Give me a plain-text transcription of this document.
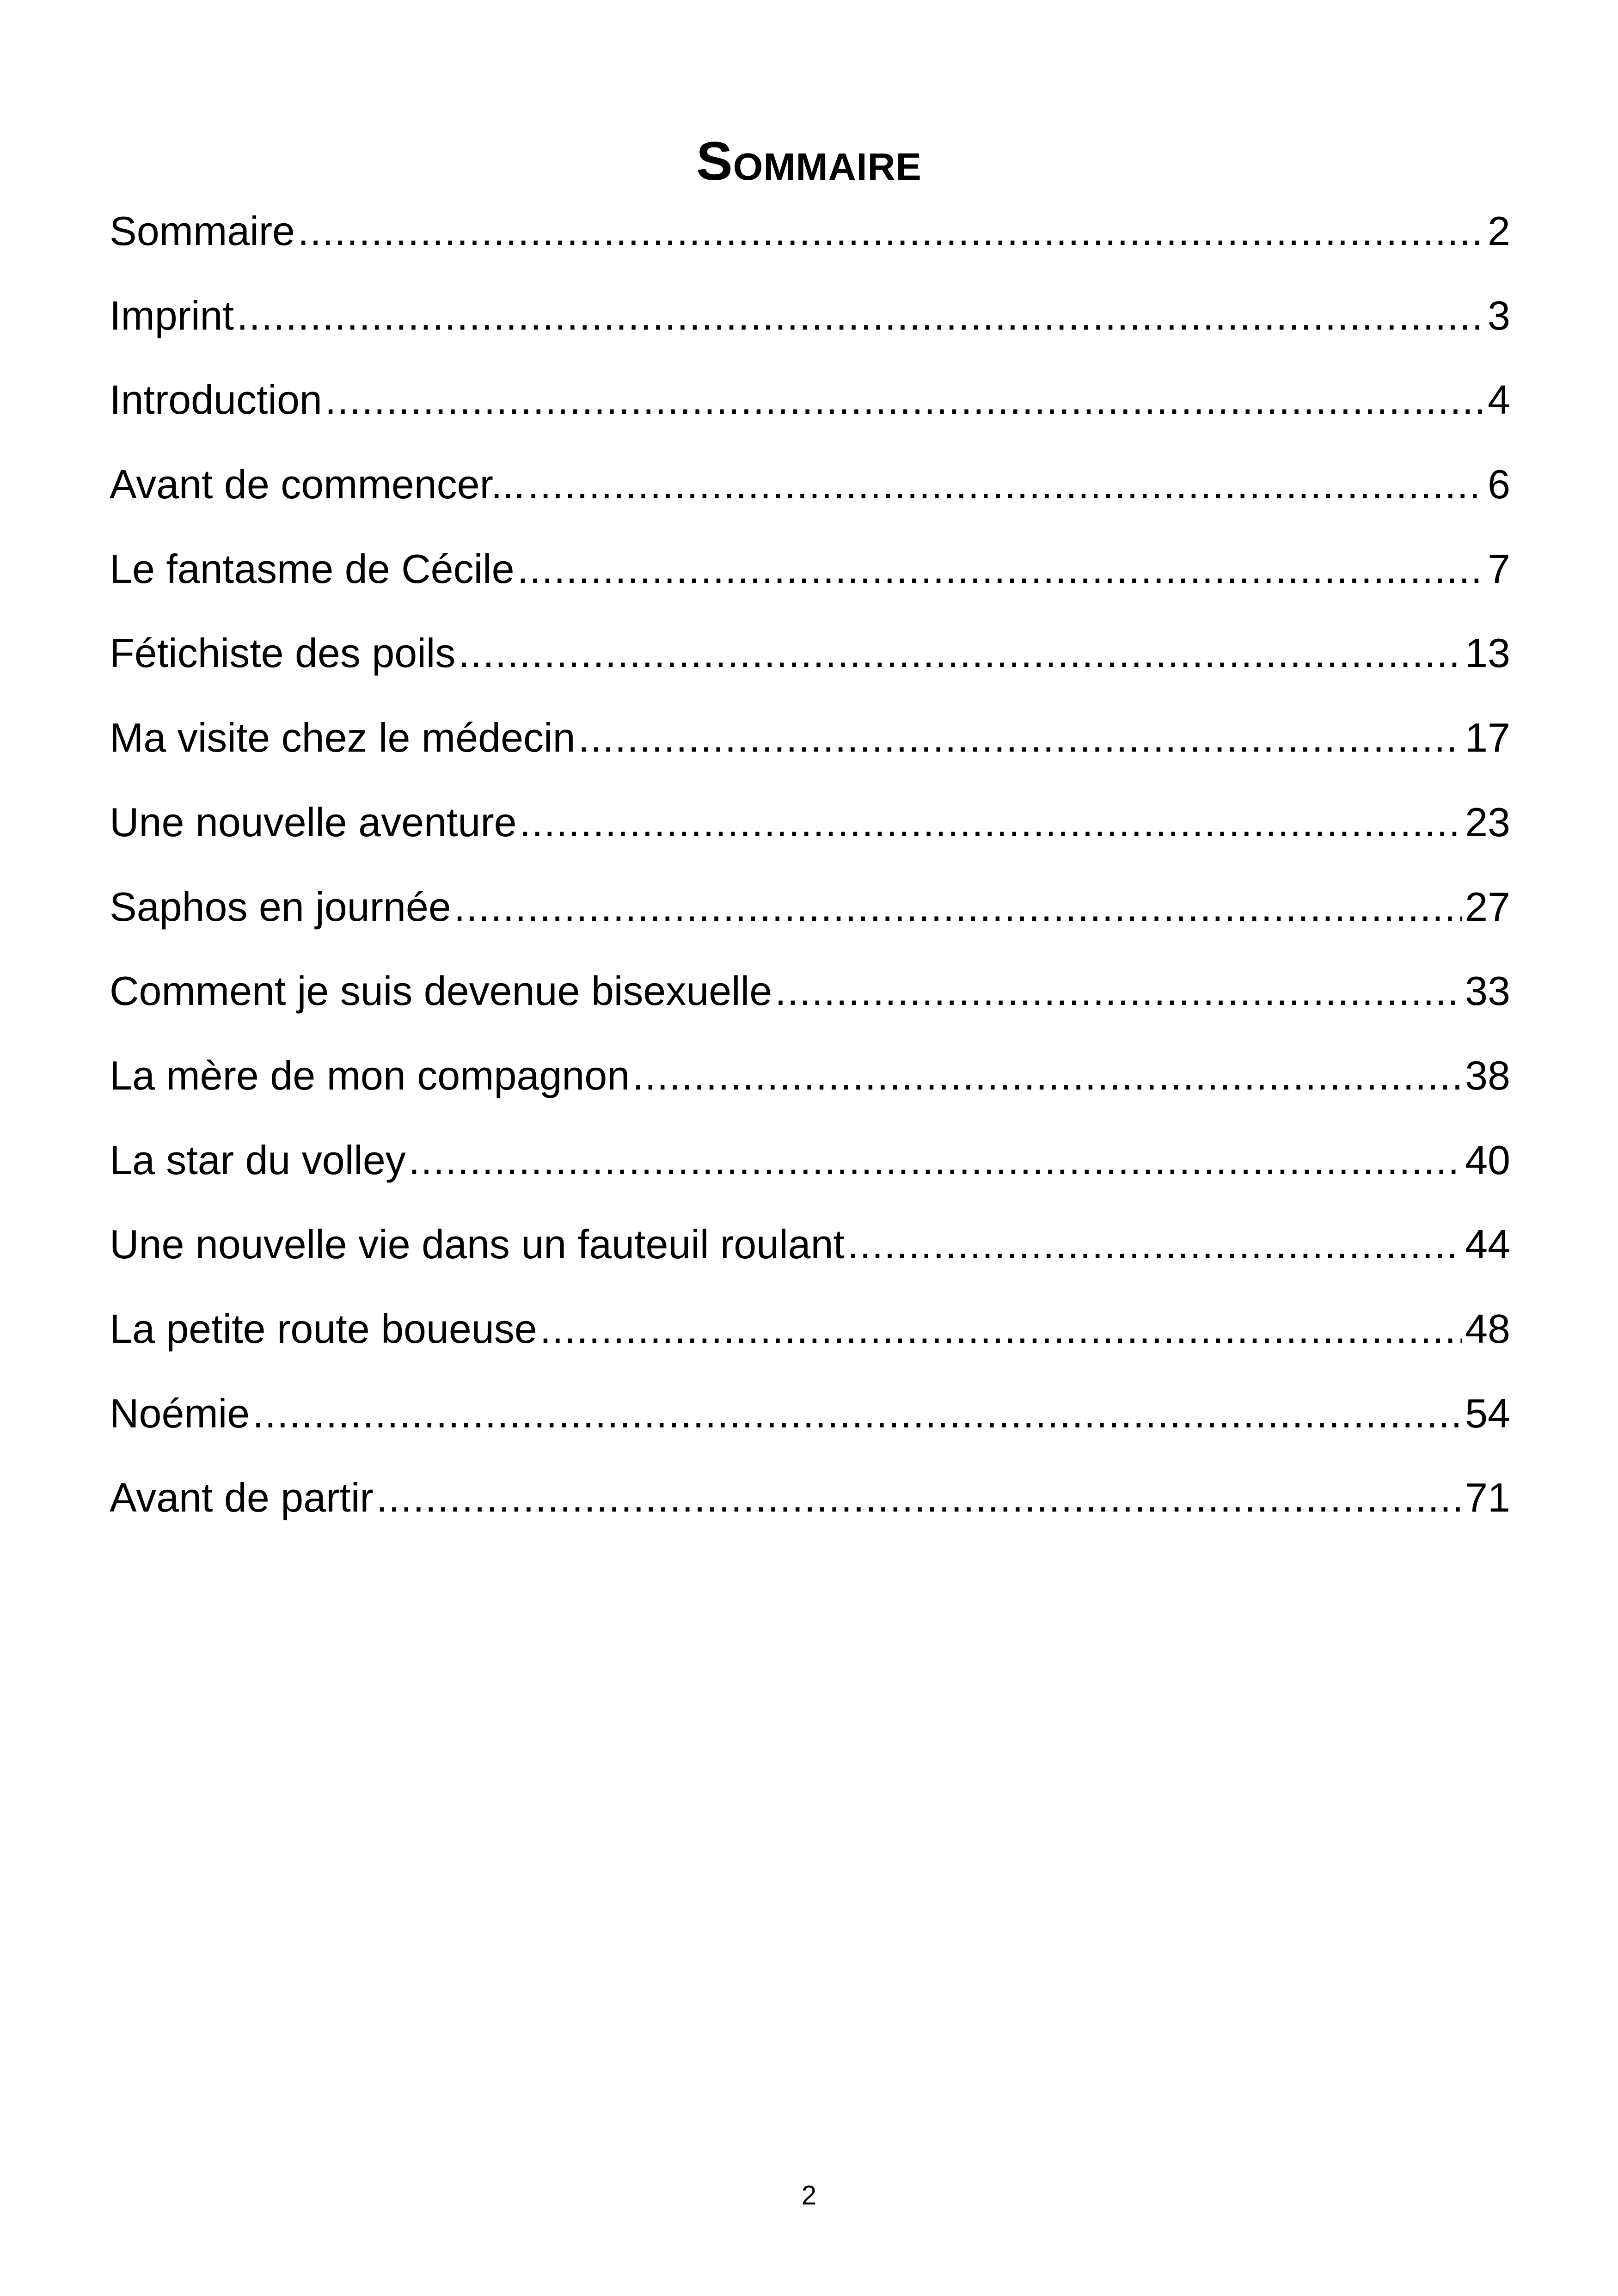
Sommaire
Sommaire .....	2
Imprint .....	3
Introduction .....	4
Avant de commencer... .....	6
Le fantasme de Cécile .....	7
Fétichiste des poils .....	13
Ma visite chez le médecin .....	17
Une nouvelle aventure .....	23
Saphos en journée .....	27
Comment je suis devenue bisexuelle .....	33
La mère de mon compagnon .....	38
La star du volley .....	40
Une nouvelle vie dans un fauteuil roulant .....	44
La petite route boueuse .....	48
Noémie .....	54
Avant de partir .....	71
2
